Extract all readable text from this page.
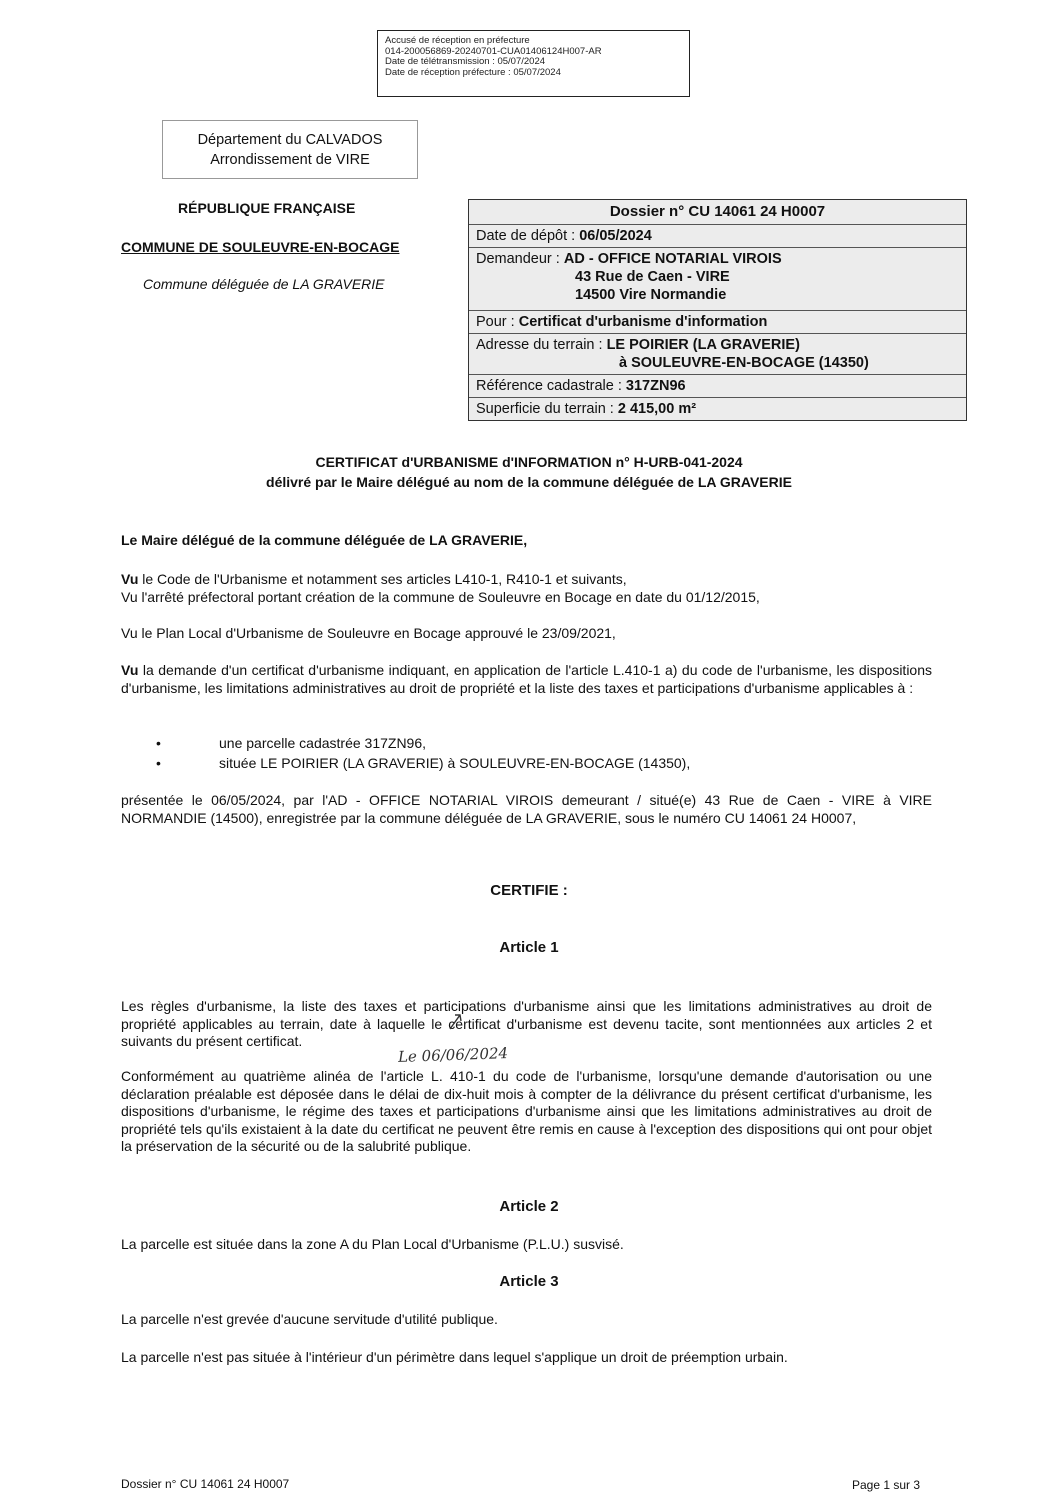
Accusé de réception en préfecture
014-200056869-20240701-CUA01406124H007-AR
Date de télétransmission : 05/07/2024
Date de réception préfecture : 05/07/2024
Département du CALVADOS
Arrondissement de VIRE
RÉPUBLIQUE FRANÇAISE
COMMUNE DE SOULEUVRE-EN-BOCAGE
Commune déléguée de LA GRAVERIE
Dossier n° CU 14061 24 H0007
Date de dépôt : 06/05/2024
Demandeur : AD - OFFICE NOTARIAL VIROIS
43 Rue de Caen - VIRE
14500 Vire Normandie
Pour : Certificat d'urbanisme d'information
Adresse du terrain : LE POIRIER (LA GRAVERIE)
à SOULEUVRE-EN-BOCAGE (14350)
Référence cadastrale : 317ZN96
Superficie du terrain : 2 415,00 m²
CERTIFICAT d'URBANISME d'INFORMATION n° H-URB-041-2024
délivré par le Maire délégué au nom de la commune déléguée de LA GRAVERIE
Le Maire délégué de la commune déléguée de LA GRAVERIE,
Vu le Code de l'Urbanisme et notamment ses articles L410-1, R410-1 et suivants,
Vu l'arrêté préfectoral portant création de la commune de Souleuvre en Bocage en date du 01/12/2015,
Vu le Plan Local d'Urbanisme de Souleuvre en Bocage approuvé le 23/09/2021,
Vu la demande d'un certificat d'urbanisme indiquant, en application de l'article L.410-1 a) du code de l'urbanisme, les dispositions d'urbanisme, les limitations administratives au droit de propriété et la liste des taxes et participations d'urbanisme applicables à :
•	une parcelle cadastrée 317ZN96,
•	située LE POIRIER (LA GRAVERIE) à SOULEUVRE-EN-BOCAGE (14350),
présentée le 06/05/2024, par l'AD - OFFICE NOTARIAL VIROIS demeurant / situé(e) 43 Rue de Caen - VIRE à VIRE NORMANDIE (14500), enregistrée par la commune déléguée de LA GRAVERIE, sous le numéro CU 14061 24 H0007,
CERTIFIE :
Article 1
Les règles d'urbanisme, la liste des taxes et participations d'urbanisme ainsi que les limitations administratives au droit de propriété applicables au terrain, date à laquelle le certificat d'urbanisme est devenu tacite, sont mentionnées aux articles 2 et suivants du présent certificat.
Le 06/06/2024
Conformément au quatrième alinéa de l'article L. 410-1 du code de l'urbanisme, lorsqu'une demande d'autorisation ou une déclaration préalable est déposée dans le délai de dix-huit mois à compter de la délivrance du présent certificat d'urbanisme, les dispositions d'urbanisme, le régime des taxes et participations d'urbanisme ainsi que les limitations administratives au droit de propriété tels qu'ils existaient à la date du certificat ne peuvent être remis en cause à l'exception des dispositions qui ont pour objet la préservation de la sécurité ou de la salubrité publique.
Article 2
La parcelle est située dans la zone A du Plan Local d'Urbanisme (P.L.U.) susvisé.
Article 3
La parcelle n'est grevée d'aucune servitude d'utilité publique.
La parcelle n'est pas située à l'intérieur d'un périmètre dans lequel s'applique un droit de préemption urbain.
Dossier n° CU 14061 24 H0007	Page 1 sur 3
